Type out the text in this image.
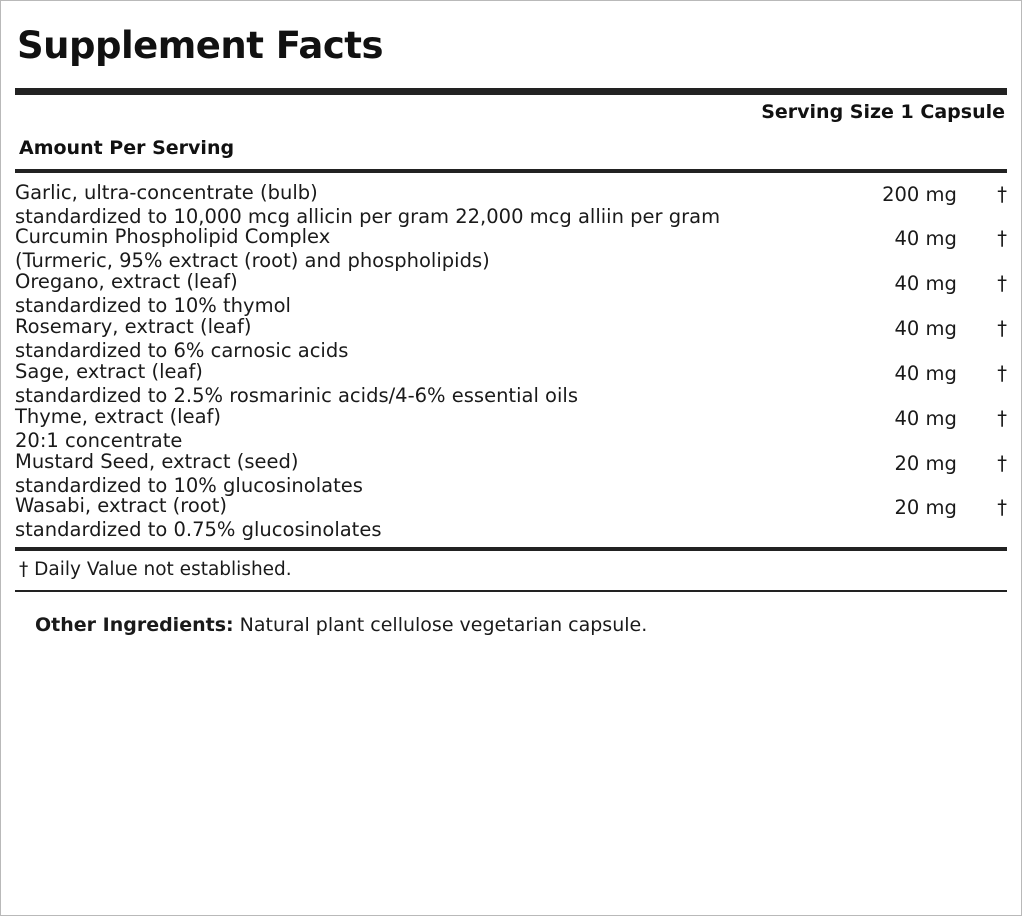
Supplement Facts
Serving Size 1 Capsule
Amount Per Serving
Garlic, ultra-concentrate (bulb)	200 mg	†
standardized to 10,000 mcg allicin per gram 22,000 mcg alliin per gram		
Curcumin Phospholipid Complex	40 mg	†
(Turmeric, 95% extract (root) and phospholipids)		
Oregano, extract (leaf)	40 mg	†
standardized to 10% thymol		
Rosemary, extract (leaf)	40 mg	†
standardized to 6% carnosic acids		
Sage, extract (leaf)	40 mg	†
standardized to 2.5% rosmarinic acids/4-6% essential oils		
Thyme, extract (leaf)	40 mg	†
20:1 concentrate		
Mustard Seed, extract (seed)	20 mg	†
standardized to 10% glucosinolates		
Wasabi, extract (root)	20 mg	†
standardized to 0.75% glucosinolates		
† Daily Value not established.
Other Ingredients: Natural plant cellulose vegetarian capsule.
